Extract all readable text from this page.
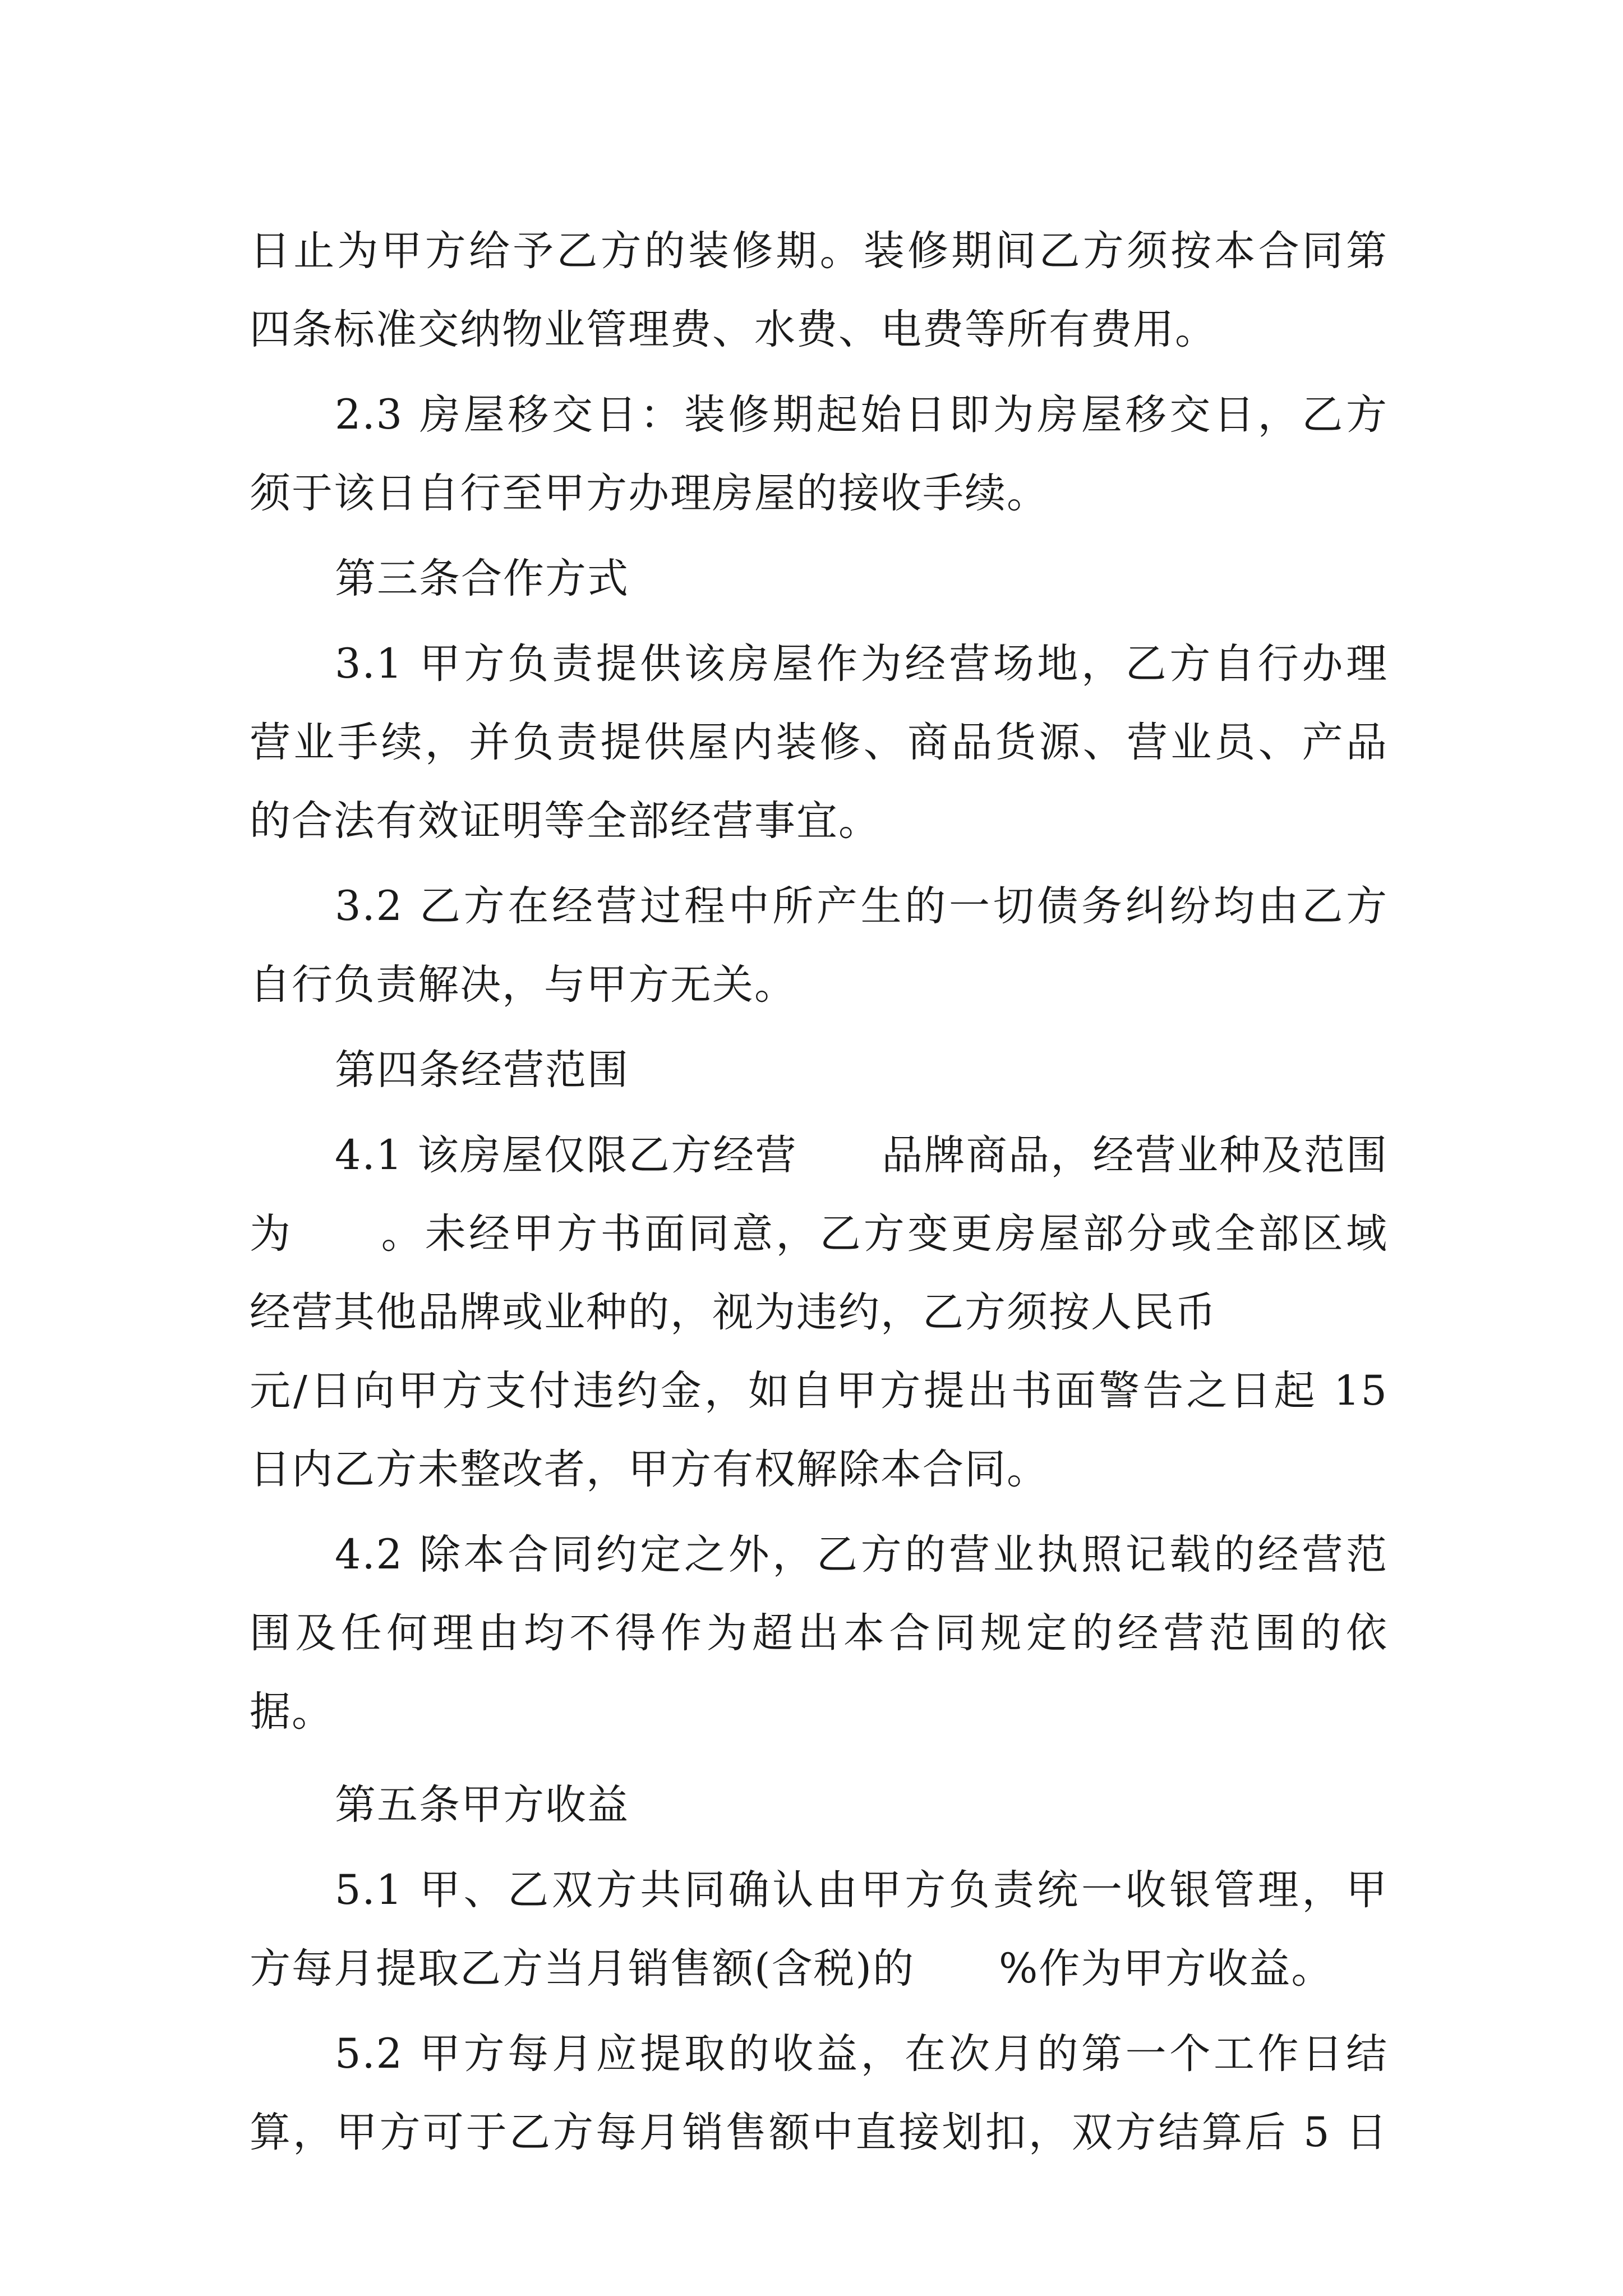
日止为甲方给予乙方的装修期。装修期间乙方须按本合同第
四条标准交纳物业管理费、水费、电费等所有费用。
2.3 房屋移交日：装修期起始日即为房屋移交日，乙方
须于该日自行至甲方办理房屋的接收手续。
第三条合作方式
3.1 甲方负责提供该房屋作为经营场地，乙方自行办理
营业手续，并负责提供屋内装修、商品货源、营业员、产品
的合法有效证明等全部经营事宜。
3.2 乙方在经营过程中所产生的一切债务纠纷均由乙方
自行负责解决，与甲方无关。
第四条经营范围
4.1 该房屋仅限乙方经营　　品牌商品，经营业种及范围
为　　。未经甲方书面同意，乙方变更房屋部分或全部区域
经营其他品牌或业种的，视为违约，乙方须按人民币
元/日向甲方支付违约金，如自甲方提出书面警告之日起 15
日内乙方未整改者，甲方有权解除本合同。
4.2 除本合同约定之外，乙方的营业执照记载的经营范
围及任何理由均不得作为超出本合同规定的经营范围的依
据。
第五条甲方收益
5.1 甲、乙双方共同确认由甲方负责统一收银管理，甲
方每月提取乙方当月销售额(含税)的　　%作为甲方收益。
5.2 甲方每月应提取的收益，在次月的第一个工作日结
算，甲方可于乙方每月销售额中直接划扣，双方结算后 5 日
